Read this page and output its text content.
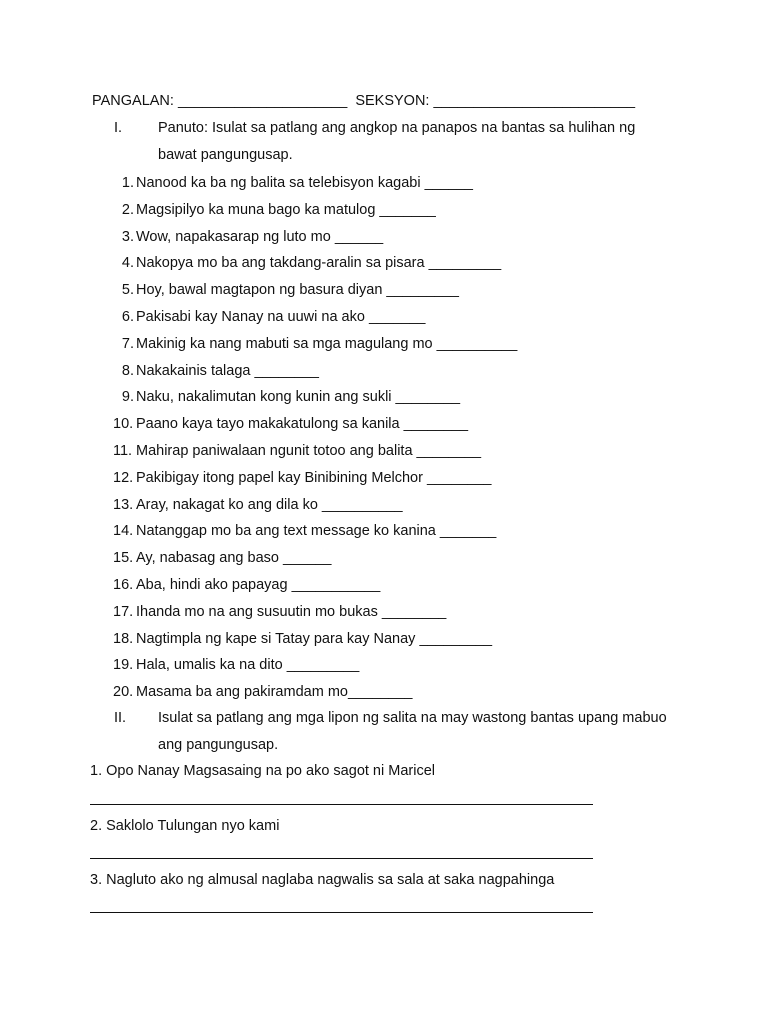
PANGALAN: _____________________ SEKSYON: _________________________
I. Panuto: Isulat sa patlang ang angkop na panapos na bantas sa hulihan ng
bawat pangungusap.
1. Nanood ka ba ng balita sa telebisyon kagabi ______
2. Magsipilyo ka muna bago ka matulog _______
3. Wow, napakasarap ng luto mo ______
4. Nakopya mo ba ang takdang-aralin sa pisara _________
5. Hoy, bawal magtapon ng basura diyan _________
6. Pakisabi kay Nanay na uuwi na ako _______
7. Makinig ka nang mabuti sa mga magulang mo __________
8. Nakakainis talaga ________
9. Naku, nakalimutan kong kunin ang sukli ________
10. Paano kaya tayo makakatulong sa kanila ________
11. Mahirap paniwalaan ngunit totoo ang balita ________
12. Pakibigay itong papel kay Binibining Melchor ________
13. Aray, nakagat ko ang dila ko __________
14. Natanggap mo ba ang text message ko kanina _______
15. Ay, nabasag ang baso ______
16. Aba, hindi ako papayag ___________
17. Ihanda mo na ang susuutin mo bukas ________
18. Nagtimpla ng kape si Tatay para kay Nanay _________
19. Hala, umalis ka na dito _________
20. Masama ba ang pakiramdam mo________
II. Isulat sa patlang ang mga lipon ng salita na may wastong bantas upang mabuo
ang pangungusap.
1. Opo Nanay Magsasaing na po ako sagot ni Maricel
2. Saklolo Tulungan nyo kami
3. Nagluto ako ng almusal naglaba nagwalis sa sala at saka nagpahinga
